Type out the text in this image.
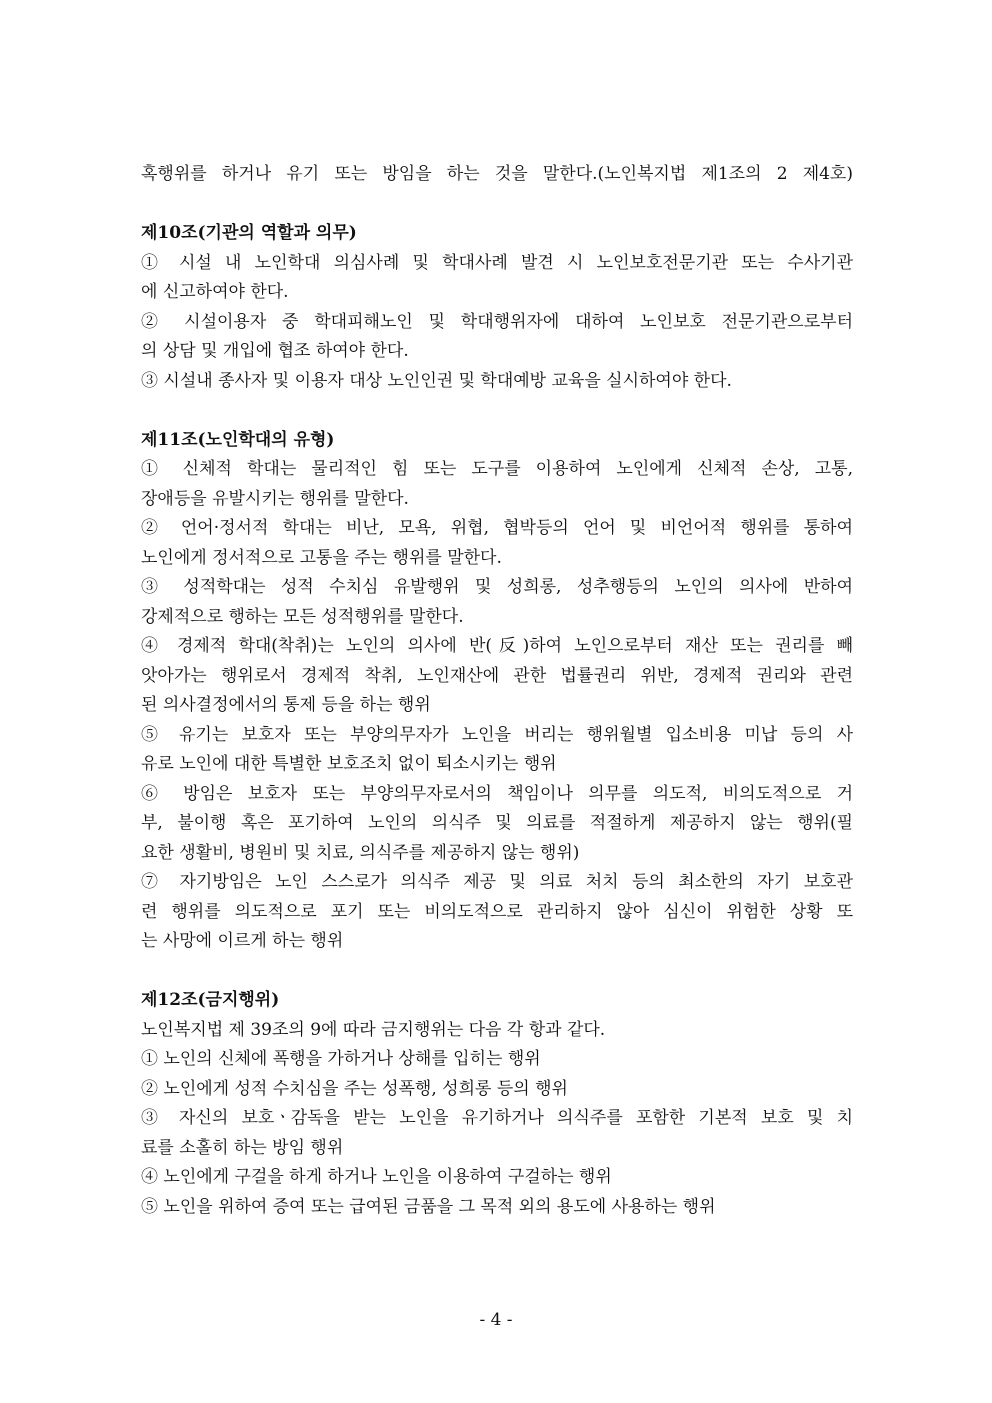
혹행위를 하거나 유기 또는 방임을 하는 것을 말한다.(노인복지법 제1조의 2 제4호)
제10조(기관의 역할과 의무)
① 시설 내 노인학대 의심사례 및 학대사례 발견 시 노인보호전문기관 또는 수사기관
에 신고하여야 한다.
② 시설이용자 중 학대피해노인 및 학대행위자에 대하여 노인보호 전문기관으로부터
의 상담 및 개입에 협조 하여야 한다.
③ 시설내 종사자 및 이용자 대상 노인인권 및 학대예방 교육을 실시하여야 한다.
제11조(노인학대의 유형)
① 신체적 학대는 물리적인 힘 또는 도구를 이용하여 노인에게 신체적 손상, 고통,
장애등을 유발시키는 행위를 말한다.
② 언어·정서적 학대는 비난, 모욕, 위협, 협박등의 언어 및 비언어적 행위를 통하여
노인에게 정서적으로 고통을 주는 행위를 말한다.
③ 성적학대는 성적 수치심 유발행위 및 성희롱, 성추행등의 노인의 의사에 반하여
강제적으로 행하는 모든 성적행위를 말한다.
④ 경제적 학대(착취)는 노인의 의사에 반(反)하여 노인으로부터 재산 또는 권리를 빼
앗아가는 행위로서 경제적 착취, 노인재산에 관한 법률권리 위반, 경제적 권리와 관련
된 의사결정에서의 통제 등을 하는 행위
⑤ 유기는 보호자 또는 부양의무자가 노인을 버리는 행위월별 입소비용 미납 등의 사
유로 노인에 대한 특별한 보호조치 없이 퇴소시키는 행위
⑥ 방임은 보호자 또는 부양의무자로서의 책임이나 의무를 의도적, 비의도적으로 거
부, 불이행 혹은 포기하여 노인의 의식주 및 의료를 적절하게 제공하지 않는 행위(필
요한 생활비, 병원비 및 치료, 의식주를 제공하지 않는 행위)
⑦ 자기방임은 노인 스스로가 의식주 제공 및 의료 처치 등의 최소한의 자기 보호관
련 행위를 의도적으로 포기 또는 비의도적으로 관리하지 않아 심신이 위험한 상황 또
는 사망에 이르게 하는 행위
제12조(금지행위)
노인복지법 제 39조의 9에 따라 금지행위는 다음 각 항과 같다.
① 노인의 신체에 폭행을 가하거나 상해를 입히는 행위
② 노인에게 성적 수치심을 주는 성폭행, 성희롱 등의 행위
③ 자신의 보호ㆍ감독을 받는 노인을 유기하거나 의식주를 포함한 기본적 보호 및 치
료를 소홀히 하는 방임 행위
④ 노인에게 구걸을 하게 하거나 노인을 이용하여 구걸하는 행위
⑤ 노인을 위하여 증여 또는 급여된 금품을 그 목적 외의 용도에 사용하는 행위
- 4 -
